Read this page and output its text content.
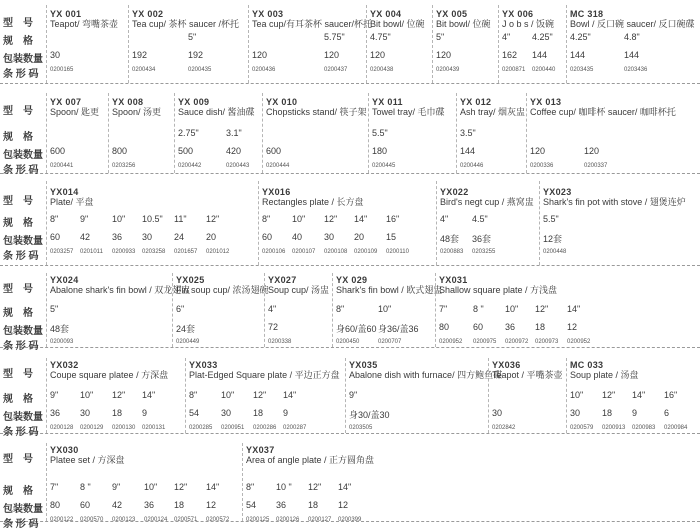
型　号
规　格
包装数量
条 形 码
YX 001
Teapot/ 弯嘴茶壶
30
0200165
YX 002
Tea cup/ 茶杯 saucer /杯托
192
0200434
5"
192
0200435
YX 003
Tea cup/有耳茶杯 saucer/杯托
120
0200436
5.75"
120
0200437
YX 004
Bit bowl/ 位碗
4.75"
120
0200438
YX 005
Bit bowl/ 位碗
5"
120
0200439
YX 006
J o b s / 饭碗
4"
162
0200871
4.25"
144
0200440
MC 318
Bowl / 反口碗 saucer/ 反口碗碟
4.25"
144
0203435
4.8"
144
0203436
型　号
规　格
包装数量
条 形 码
YX 007
Spoon/ 匙更
600
0200441
YX 008
Spoon/ 汤更
800
0203256
YX 009
Sauce dish/ 酱油碟
2.75"
500
0200442
3.1"
420
0200443
YX 010
Chopsticks stand/ 筷子架
600
0200444
YX 011
Towel tray/ 毛巾碟
5.5"
180
0200445
YX 012
Ash tray/ 烟灰盅
3.5"
144
0200446
YX 013
Coffee cup/ 咖啡杯 saucer/ 咖啡杯托
120
0200336
120
0200337
型　号
规　格
包装数量
条 形 码
YX014
Plate/ 平盘
8"
60
0203257
9"
42
0201011
10"
36
0200933
10.5"
30
0203258
11"
24
0201657
12"
20
0201012
YX016
Rectangles plate / 长方盘
8"
60
0200106
10"
40
0200107
12"
30
0200108
14"
20
0200109
16"
15
0200110
YX022
Bird's negt cup / 燕窝盅
4"
48套
0200883
4.5"
36套
0203255
YX023
Shark's fin pot with stove / 翅煲连炉
5.5"
12套
0200448
型　号
规　格
包装数量
条 形 码
YX024
Abalone shark's fin bowl / 双龙翅盅
5"
48套
0200093
YX025
Fin soup cup/ 浓汤翅碗
6"
24套
0200449
YX027
Soup cup/ 汤盅
4"
72
0200338
YX 029
Shark's fin bowl / 欧式翅盅
8"
身60/盖60
0200450
10"
身36/盖36
0200707
YX031
Shallow square plate / 方浅盘
7"
80
0200952
8 "
60
0200975
10"
36
0200972
12"
18
0200973
14"
12
0200952
型　号
规　格
包装数量
条 形 码
YX032
Coupe square platee / 方深盘
9"
36
0200128
10"
30
0200129
12"
18
0200130
14"
9
0200131
YX033
Plat-Edged Square plate / 平边正方盘
8"
54
0200285
10"
30
0200951
12"
18
0200286
14"
9
0200287
YX035
Abalone dish with furnace/ 四方鲍鱼碟
9"
身30/盖30
0203505
YX036
Teapot / 平嘴茶壶
30
0202842
MC 033
Soup plate / 汤盘
10"
30
0200579
12"
18
0200913
14"
9
0200983
16"
6
0200984
型　号
规　格
包装数量
条 形 码
YX030
Platee set / 方深盘
7"
80
0200122
8 "
60
0200570
9"
42
0200123
10"
36
0200124
12"
18
0200571
14"
12
0200572
YX037
Area of angle plate / 正方圆角盘
8"
54
0200125
10 "
36
0200126
12"
18
0200127
14"
12
0200399
